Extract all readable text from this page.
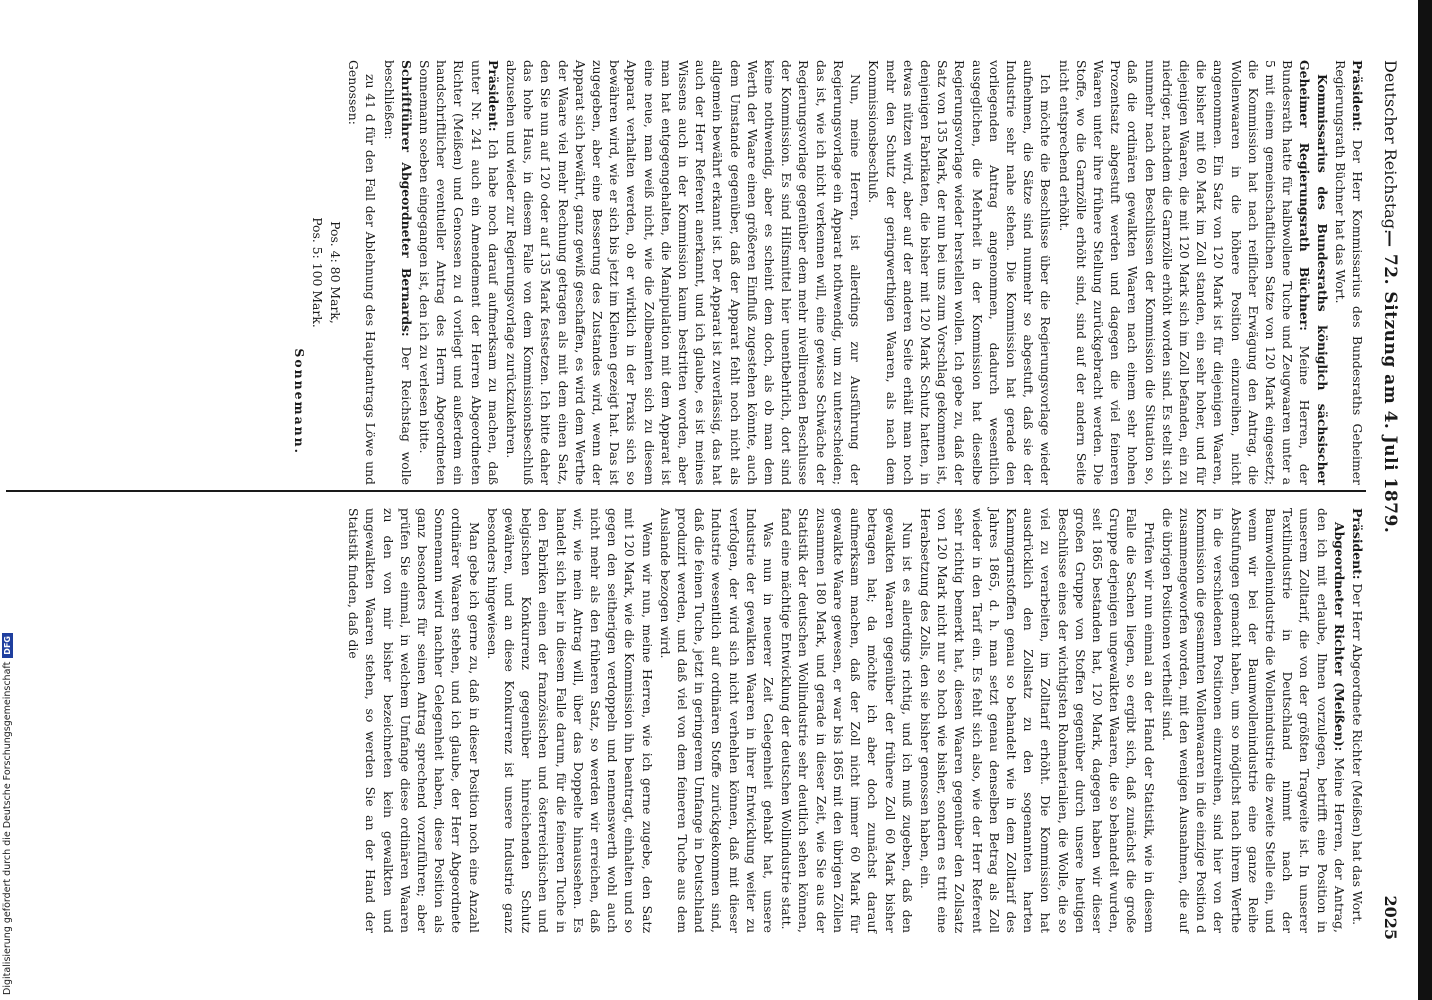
Deutscher Reichstag.
— 72. Sitzung am 4. Juli 1879.
2025

Präsident: Der Herr Kommissarius des Bundesraths Geheimer Regierungsrath Büchner hat das Wort.

Kommissarius des Bundesraths königlich sächsischer Geheimer Regierungsrath Büchner: Meine Herren, der Bundesrath hatte für halbwollene Tuche und Zeugwaaren unter a 5 mit einem gemeinschaftlichen Satze von 120 Mark eingesetzt; die Kommission hat nach reiflicher Erwägung den Antrag, die Wollenwaaren in die höhere Position einzureihen, nicht angenommen. Ein Satz von 120 Mark ist für diejenigen Waaren, die bisher mit 60 Mark im Zoll standen, ein sehr hoher, und für diejenigen Waaren, die mit 120 Mark sich im Zoll befanden, ein zu niedriger, nachdem die Garnzölle erhöht worden sind. Es stellt sich nunmehr nach den Beschlüssen der Kommission die Situation so, daß die ordinären gewalkten Waaren nach einem sehr hohen Prozentsatz abgestuft werden und dagegen die viel feineren Waaren unter ihre frühere Stellung zurückgebracht werden. Die Stoffe, wo die Garnzölle erhöht sind, sind auf der andern Seite nicht entsprechend erhöht.

Ich möchte die Beschlüsse über die Regierungsvorlage wieder aufnehmen, die Sätze sind nunmehr so abgestuft, daß sie der Industrie sehr nahe stehen. Die Kommission hat gerade den vorliegenden Antrag angenommen, dadurch wesentlich ausgeglichen, die Mehrheit in der Kommission hat dieselbe Regierungsvorlage wieder herstellen wollen. Ich gebe zu, daß der Satz von 135 Mark, der nun bei uns zum Vorschlag gekommen ist, denjenigen Fabrikaten, die bisher mit 120 Mark Schutz hatten, in etwas nützen wird, aber auf der anderen Seite erhält man noch mehr den Schutz der geringwerthigen Waaren, als nach dem Kommissionsbeschluß.

Nun, meine Herren, ist allerdings zur Ausführung der Regierungsvorlage ein Apparat nothwendig, um zu unterscheiden; das ist, wie ich nicht verkennen will, eine gewisse Schwäche der Regierungsvorlage gegenüber dem mehr nivellirenden Beschlusse der Kommission. Es sind Hilfsmittel hier unentbehrlich, dort sind keine nothwendig, aber es scheint dem doch, als ob man dem Werth der Waare einen größeren Einfluß zugestehen könnte, auch dem Umstande gegenüber, daß der Apparat fehlt noch nicht als allgemein bewährt erkannt ist. Der Apparat ist zuverlässig, das hat auch der Herr Referent anerkannt, und ich glaube, es ist meines Wissens auch in der Kommission kaum bestritten worden, aber man hat entgegengehalten, die Manipulation mit dem Apparat ist eine neue, man weiß nicht, wie die Zollbeamten sich zu diesem Apparat verhalten werden, ob er wirklich in der Praxis sich so bewähren wird, wie er sich bis jetzt im Kleinen gezeigt hat. Das ist zugegeben, aber eine Besserung des Zustandes wird, wenn der Apparat sich bewährt, ganz gewiß geschaffen, es wird dem Werthe der Waare viel mehr Rechnung getragen als mit dem einen Satz, den Sie nun auf 120 oder auf 135 Mark festsetzen. Ich bitte daher das hohe Haus, in diesem Falle von dem Kommissionsbeschluß abzusehen und wieder zur Regierungsvorlage zurückzukehren.

Präsident: Ich habe noch darauf aufmerksam zu machen, daß unter Nr. 241 auch ein Amendement der Herren Abgeordneten Richter (Meißen) und Genossen zu d vorliegt und außerdem ein handschriftlicher eventueller Antrag des Herrn Abgeordneten Sonnemann soeben eingegangen ist, den ich zu verlesen bitte.

Schriftführer Abgeordneter Bernards: Der Reichstag wolle beschließen:

zu 41 d für den Fall der Ablehnung des Hauptantrags Löwe und Genossen:

Pos. 4: 80 Mark,

Pos. 5: 100 Mark.

Sonnemann.

Präsident: Der Herr Abgeordnete Richter (Meißen) hat das Wort.

Abgeordneter Richter (Meißen): Meine Herren, der Antrag, den ich mit erlaube, Ihnen vorzulegen, betrifft eine Position in unserem Zolltarif, die von der größten Tragweite ist. In unserer Textilindustrie in Deutschland nimmt nach der Baumwollenindustrie die Wollenindustrie die zweite Stelle ein, und wenn wir bei der Baumwollenindustrie eine ganze Reihe Abstufungen gemacht haben, um so möglichst nach ihrem Werthe in die verschiedenen Positionen einzureihen, sind hier von der Kommission die gesammten Wollenwaaren in die einzige Position d zusammengeworfen worden, mit den wenigen Ausnahmen, die auf die übrigen Positionen vertheilt sind.

Prüfen wir nun einmal an der Hand der Statistik, wie in diesem Falle die Sachen liegen, so ergibt sich, daß zunächst die große Gruppe derjenigen ungewalkten Waaren, die so behandelt wurden, seit 1865 bestanden hat, 120 Mark, dagegen haben wir dieser großen Gruppe von Stoffen gegenüber durch unsere heutigen Beschlüsse eines der wichtigsten Rohmaterialien, die Wolle, die so viel zu verarbeiten, im Zolltarif erhöht. Die Kommission hat ausdrücklich den Zollsatz zu den sogenannten harten Kammgarnstoffen genau so behandelt wie in dem Zolltarif des Jahres 1865, d. h. man setzt genau denselben Betrag als Zoll wieder in den Tarif ein. Es fehlt sich also, wie der Herr Referent sehr richtig bemerkt hat, diesen Waaren gegenüber den Zollsatz von 120 Mark nicht nur so hoch wie bisher, sondern es tritt eine Herabsetzung des Zolls, den sie bisher genossen haben, ein.

Nun ist es allerdings richtig, und ich muß zugeben, daß den gewalkten Waaren gegenüber der frühere Zoll 60 Mark bisher betragen hat; da möchte ich aber doch zunächst darauf aufmerksam machen, daß der Zoll nicht immer 60 Mark für gewalkte Waare gewesen, er war bis 1865 mit den übrigen Zöllen zusammen 180 Mark, und gerade in dieser Zeit, wie Sie aus der Statistik der deutschen Wollindustrie sehr deutlich sehen können, fand eine mächtige Entwicklung der deutschen Wollindustrie statt.

Was nun in neuerer Zeit Gelegenheit gehabt hat, unsere Industrie der gewalkten Waaren in ihrer Entwicklung weiter zu verfolgen, der wird sich nicht verhehlen können, daß mit dieser Industrie wesentlich auf ordinären Stoffe zurückgekommen sind, daß die feinen Tuche, jetzt in geringerem Umfange in Deutschland produzirt werden, und daß viel von dem feineren Tuche aus dem Auslande bezogen wird.

Wenn wir nun, meine Herren, wie ich gerne zugebe, den Satz mit 120 Mark, wie die Kommission ihn beantragt, einhalten und so gegen den seitherigen verdoppeln und nennenswerth wohl auch nicht mehr als den früheren Satz, so werden wir erreichen, daß wir, wie mein Antrag will, über das Doppelte hinaussehen. Es handelt sich hier in diesem Falle darum, für die feineren Tuche in den Fabriken einen der französischen und österreichischen und belgischen Konkurrenz gegenüber hinreichenden Schutz gewähren, und an diese Konkurrenz ist unsere Industrie ganz besonders hingewiesen.

Man gebe ich gerne zu, daß in dieser Position noch eine Anzahl ordinärer Waaren stehen, und ich glaube, der Herr Abgeordnete Sonnemann wird nachher Gelegenheit haben, diese Position als ganz besonders für seinen Antrag sprechend vorzuführen; aber prüfen Sie einmal, in welchem Umfange diese ordinären Waaren zu den von mir bisher bezeichneten kein gewalkten und ungewalkten Waaren stehen, so werden Sie an der Hand der Statistik finden, daß die

Digitalisierung gefördert durch die Deutsche ForschungsgemeinschaftDFG
